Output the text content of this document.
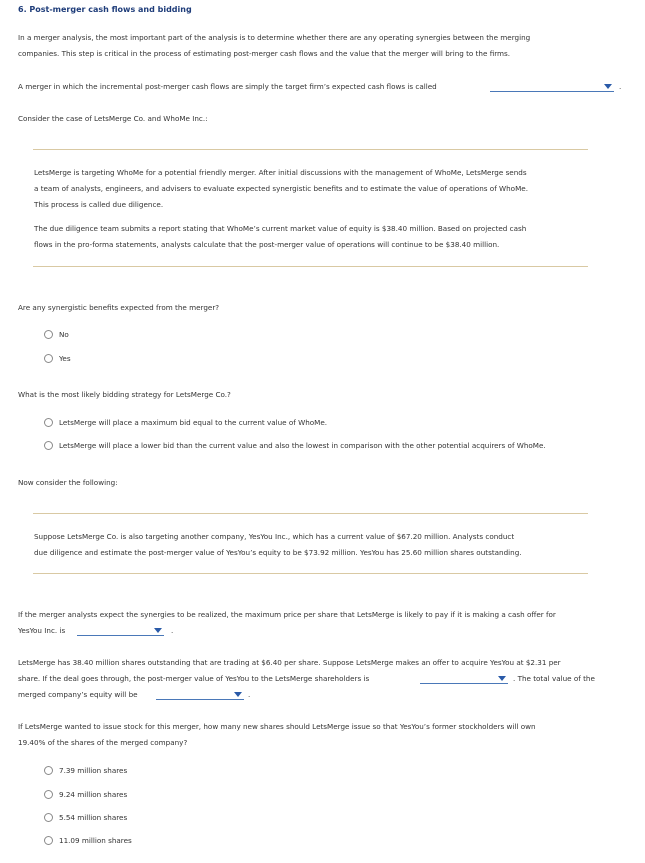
6. Post-merger cash flows and bidding
In a merger analysis, the most important part of the analysis is to determine whether there are any operating synergies between the merging
companies. This step is critical in the process of estimating post-merger cash flows and the value that the merger will bring to the firms.
A merger in which the incremental post-merger cash flows are simply the target firm’s expected cash flows is called	.
Consider the case of LetsMerge Co. and WhoMe Inc.:
LetsMerge is targeting WhoMe for a potential friendly merger. After initial discussions with the management of WhoMe, LetsMerge sends
a team of analysts, engineers, and advisers to evaluate expected synergistic benefits and to estimate the value of operations of WhoMe.
This process is called due diligence.
The due diligence team submits a report stating that WhoMe’s current market value of equity is $38.40 million. Based on projected cash
flows in the pro-forma statements, analysts calculate that the post-merger value of operations will continue to be $38.40 million.
Are any synergistic benefits expected from the merger?
No
Yes
What is the most likely bidding strategy for LetsMerge Co.?
LetsMerge will place a maximum bid equal to the current value of WhoMe.
LetsMerge will place a lower bid than the current value and also the lowest in comparison with the other potential acquirers of WhoMe.
Now consider the following:
Suppose LetsMerge Co. is also targeting another company, YesYou Inc., which has a current value of $67.20 million. Analysts conduct
due diligence and estimate the post-merger value of YesYou’s equity to be $73.92 million. YesYou has 25.60 million shares outstanding.
If the merger analysts expect the synergies to be realized, the maximum price per share that LetsMerge is likely to pay if it is making a cash offer for
YesYou Inc. is	.
LetsMerge has 38.40 million shares outstanding that are trading at $6.40 per share. Suppose LetsMerge makes an offer to acquire YesYou at $2.31 per
share. If the deal goes through, the post-merger value of YesYou to the LetsMerge shareholders is	. The total value of the
merged company’s equity will be	.
If LetsMerge wanted to issue stock for this merger, how many new shares should LetsMerge issue so that YesYou’s former stockholders will own
19.40% of the shares of the merged company?
7.39 million shares
9.24 million shares
5.54 million shares
11.09 million shares
